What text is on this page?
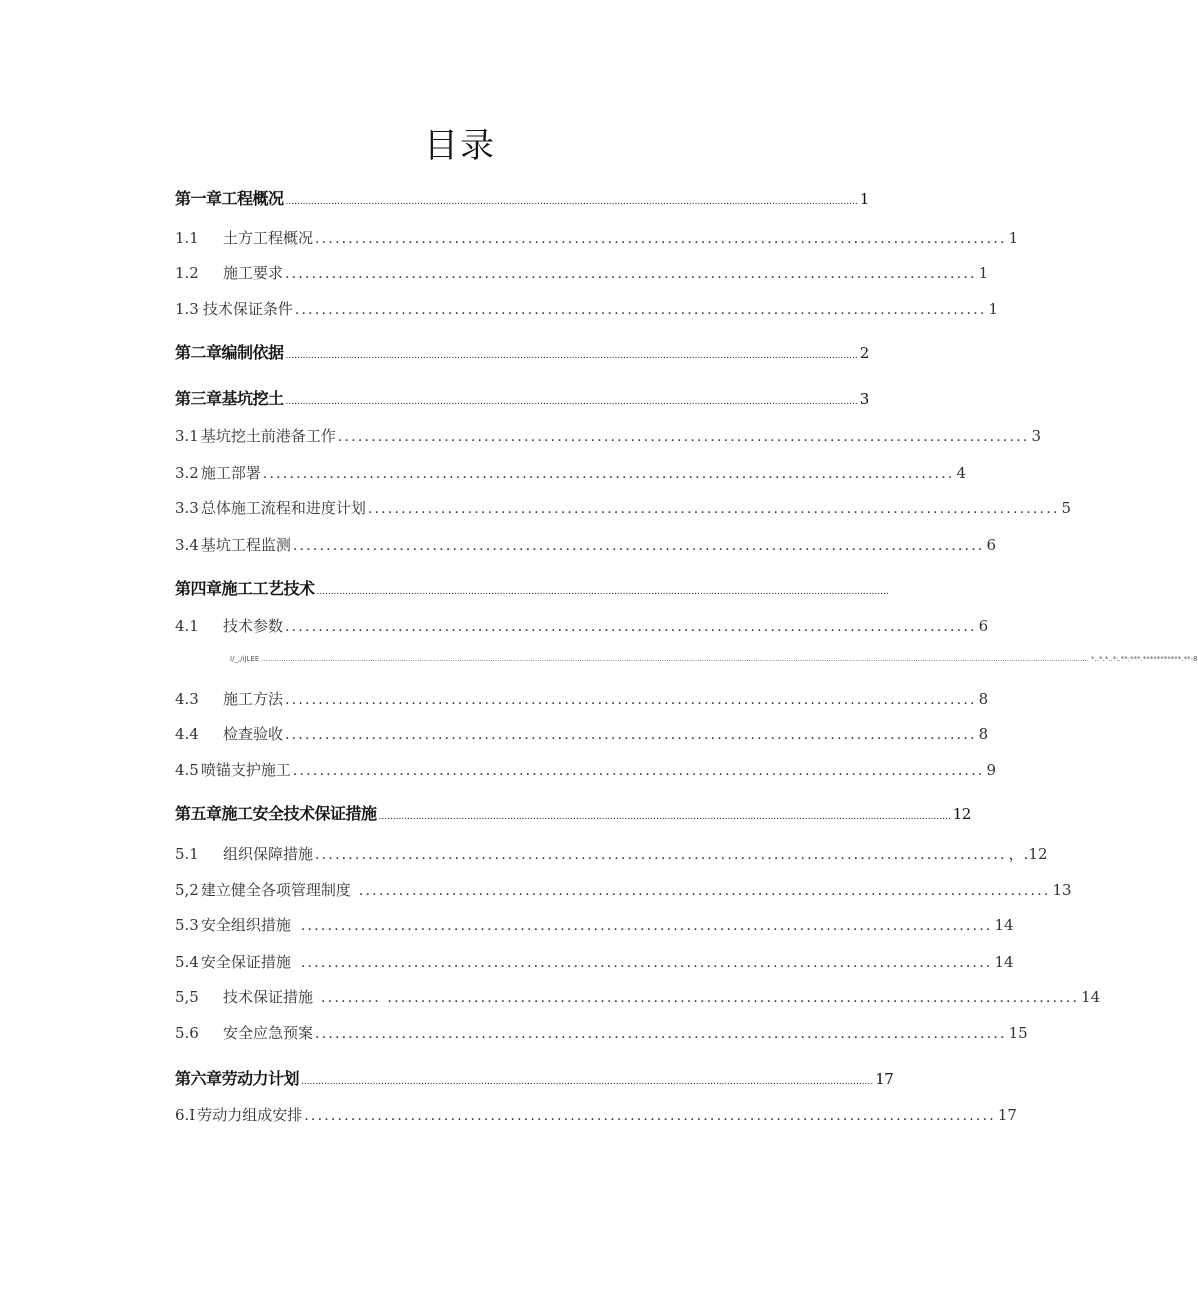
目录
第一章工程概况 ........................................................................................................................................................................................................ 1
1.1	土方工程概况 ........................................................................................................ 1
1.2	施工要求 ........................................................................................................ 1
1.3 技术保证条件 ........................................................................................................ 1
第二章编制依据 ........................................................................................................................................................................................................ 2
第三章基坑挖土 ........................................................................................................................................................................................................ 3
3.1 基坑挖土前港备工作 ........................................................................................................ 3
3.2 施工部署 ........................................................................................................ 4
3.3 总体施工流程和进度计划 ........................................................................................................ 5
3.4 基坑工程监测 ........................................................................................................ 6
第四章施工工艺技术 ........................................................................................................................................................................................................
4.1	技术参数 ........................................................................................................ 6
I/_,/iJLEE .................................................................................................................................................................................................................................................................................................................................................................................... *..*.*..*:.**:***.***********.**-8
4.3	施工方法 ........................................................................................................ 8
4.4	检查验收 ........................................................................................................ 8
4.5 喷锚支护施工 ........................................................................................................ 9
第五章施工安全技术保证措施 ........................................................................................................................................................................................................ 12
5.1	组织保障措施 ........................................................................................................ ，.12
5,2 建立健全各项管理制度 ........................................................................................................ 13
5.3 安全组织措施 ........................................................................................................ 14
5.4 安全保证措施 ........................................................................................................ 14
5,5	技术保证措施 ......... ........................................................................................................ 14
5.6	安全应急预案 ........................................................................................................ 15
第六章劳动力计划 ........................................................................................................................................................................................................ 17
6.I 劳动力组成安排 ........................................................................................................ 17
